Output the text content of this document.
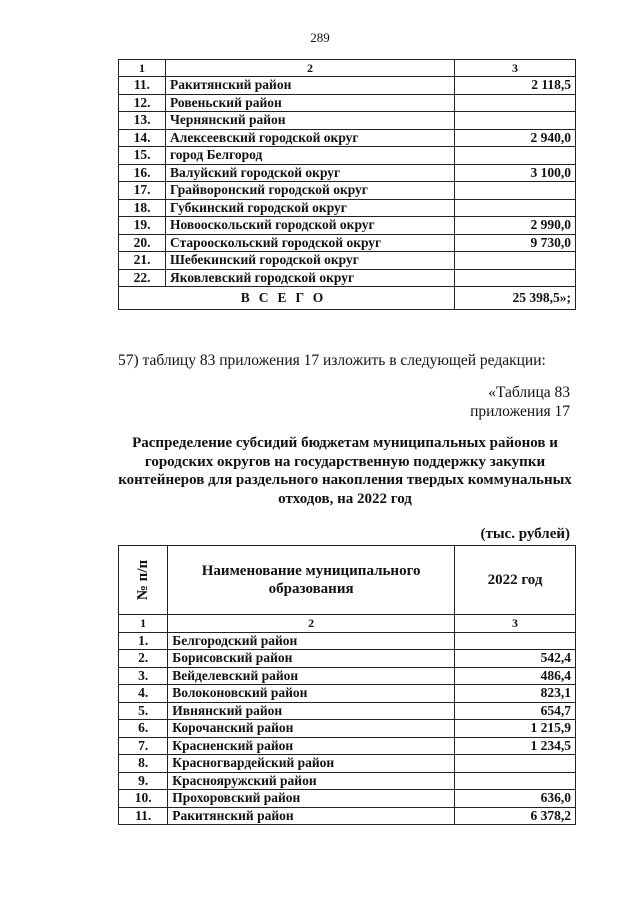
289
1	2	3
11.	Ракитянский район	2 118,5
12.	Ровеньский район	
13.	Чернянский район	
14.	Алексеевский городской округ	2 940,0
15.	город Белгород	
16.	Валуйский городской округ	3 100,0
17.	Грайворонский городской округ	
18.	Губкинский городской округ	
19.	Новооскольский городской округ	2 990,0
20.	Старооскольский городской округ	9 730,0
21.	Шебекинский городской округ	
22.	Яковлевский городской округ	
ВСЕГО		25 398,5»;

57) таблицу 83 приложения 17 изложить в следующей редакции:

«Таблица 83
приложения 17
Распределение субсидий бюджетам муниципальных районов и городских округов на государственную поддержку закупки контейнеров для раздельного накопления твердых коммунальных отходов, на 2022 год
(тыс. рублей)
№ п/п	Наименование муниципального образования	2022 год
1	2	3
1.	Белгородский район	
2.	Борисовский район	542,4
3.	Вейделевский район	486,4
4.	Волоконовский район	823,1
5.	Ивнянский район	654,7
6.	Корочанский район	1 215,9
7.	Красненский район	1 234,5
8.	Красногвардейский район	
9.	Краснояружский район	
10.	Прохоровский район	636,0
11.	Ракитянский район	6 378,2
